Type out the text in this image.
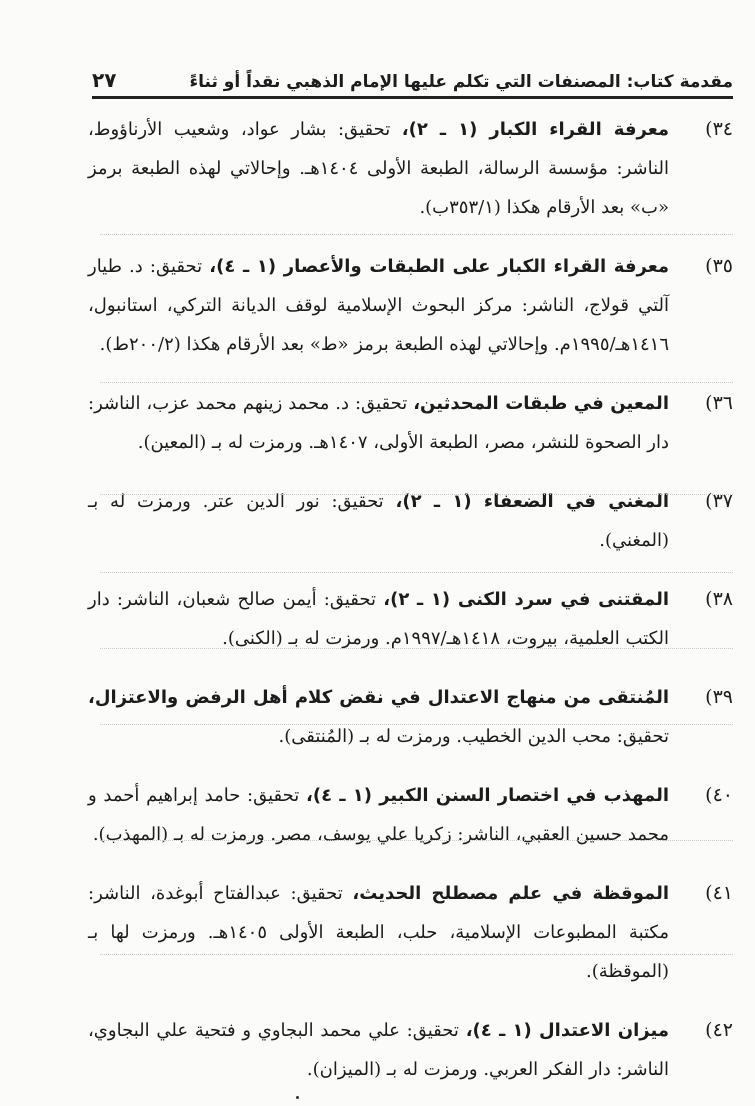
مقدمة كتاب: المصنفات التي تكلم عليها الإمام الذهبي نقداً أو ثناءً
٢٧
٣٤)
معرفة القراء الكبار (١ ـ ٢)، تحقيق: بشار عواد، وشعيب الأرناؤوط، الناشر: مؤسسة الرسالة، الطبعة الأولى ١٤٠٤هـ. وإحالاتي لهذه الطبعة برمز «ب» بعد الأرقام هكذا (٣٥٣/١ب).
٣٥)
معرفة القراء الكبار على الطبقات والأعصار (١ ـ ٤)، تحقيق: د. طيار آلتي قولاج، الناشر: مركز البحوث الإسلامية لوقف الديانة التركي، استانبول، ١٤١٦هـ/١٩٩٥م. وإحالاتي لهذه الطبعة برمز «ط» بعد الأرقام هكذا (٢٠٠/٢ط).
٣٦)
المعين في طبقات المحدثين، تحقيق: د. محمد زينهم محمد عزب، الناشر: دار الصحوة للنشر، مصر، الطبعة الأولى، ١٤٠٧هـ. ورمزت له بـ (المعين).
٣٧)
المغني في الضعفاء (١ ـ ٢)، تحقيق: نور الدين عتر. ورمزت له بـ (المغني).
٣٨)
المقتنى في سرد الكنى (١ ـ ٢)، تحقيق: أيمن صالح شعبان، الناشر: دار الكتب العلمية، بيروت، ١٤١٨هـ/١٩٩٧م. ورمزت له بـ (الكنى).
٣٩)
المُنتقى من منهاج الاعتدال في نقض كلام أهل الرفض والاعتزال، تحقيق: محب الدين الخطيب. ورمزت له بـ (المُنتقى).
٤٠)
المهذب في اختصار السنن الكبير (١ ـ ٤)، تحقيق: حامد إبراهيم أحمد و محمد حسين العقبي، الناشر: زكريا علي يوسف، مصر. ورمزت له بـ (المهذب).
٤١)
الموقظة في علم مصطلح الحديث، تحقيق: عبدالفتاح أبوغدة، الناشر: مكتبة المطبوعات الإسلامية، حلب، الطبعة الأولى ١٤٠٥هـ. ورمزت لها بـ (الموقظة).
٤٢)
ميزان الاعتدال (١ ـ ٤)، تحقيق: علي محمد البجاوي و فتحية علي البجاوي، الناشر: دار الفكر العربي. ورمزت له بـ (الميزان).
